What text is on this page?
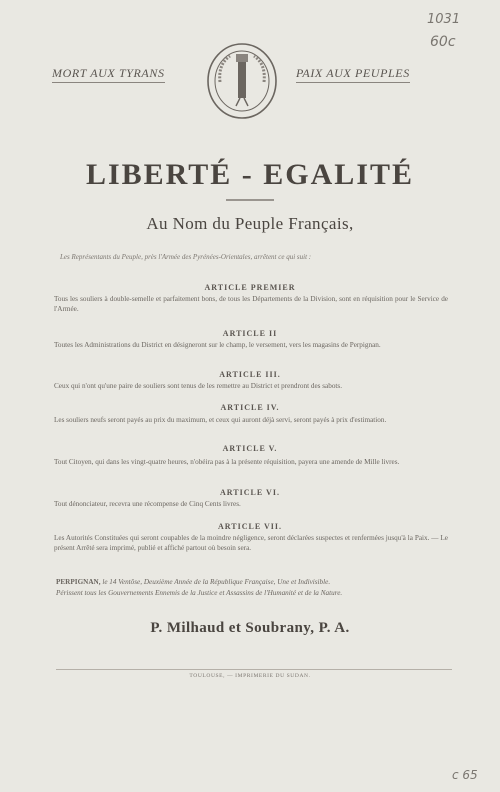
1031
60c
MORT AUX TYRANS	PAIX AUX PEUPLES
LIBERTÉ - EGALITÉ
Au Nom du Peuple Français,
Les Représentants du Peuple, près l'Armée des Pyrénées-Orientales, arrêtent ce qui suit :
ARTICLE PREMIER
Tous les souliers à double-semelle et parfaitement bons, de tous les Départements de la Division, sont en réquisition pour le Service de l'Armée.
ARTICLE II
Toutes les Administrations du District en désigneront sur le champ, le versement, vers les magasins de Perpignan.
ARTICLE III.
Ceux qui n'ont qu'une paire de souliers sont tenus de les remettre au District et prendront des sabots.
ARTICLE IV.
Les souliers neufs seront payés au prix du maximum, et ceux qui auront déjà servi, seront payés à prix d'estimation.
ARTICLE V.
Tout Citoyen, qui dans les vingt-quatre heures, n'obéira pas à la présente réquisition, payera une amende de Mille livres.
ARTICLE VI.
Tout dénonciateur, recevra une récompense de Cinq Cents livres.
ARTICLE VII.
Les Autorités Constituées qui seront coupables de la moindre négligence, seront déclarées suspectes et renfermées jusqu'à la Paix. — Le présent Arrêté sera imprimé, publié et affiché partout où besoin sera.
PERPIGNAN, le 14 Ventôse, Deuxième Année de la République Française, Une et Indivisible.
Périssent tous les Gouvernements Ennemis de la Justice et Assassins de l'Humanité et de la Nature.
P. Milhaud et Soubrany, P. A.
TOULOUSE, — IMPRIMERIE DU SUDAN.
c 65
